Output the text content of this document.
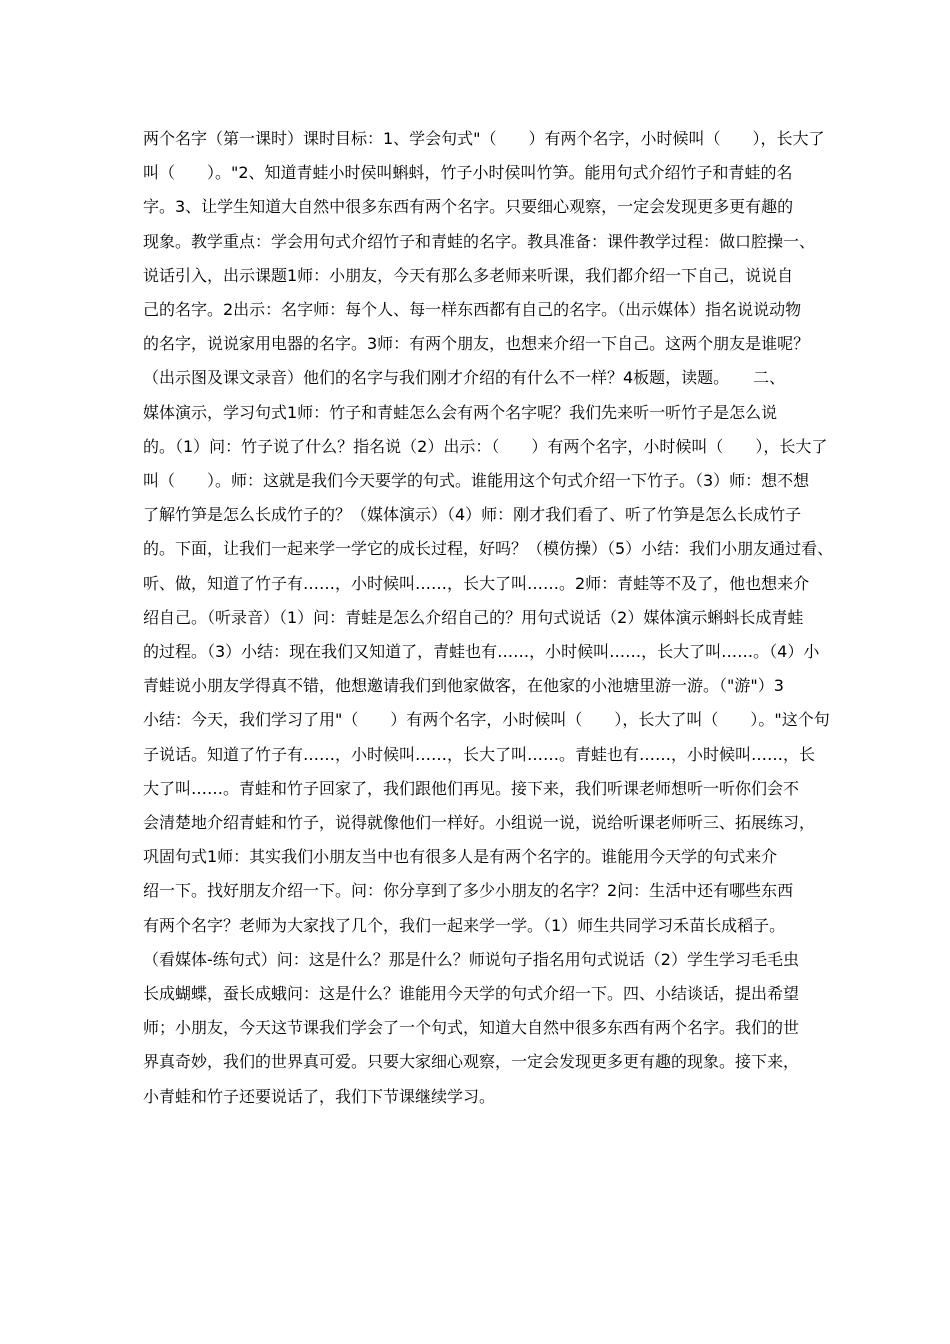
两个名字（第一课时）课时目标：1、学会句式"（　　）有两个名字，小时候叫（　　），长大了
叫（　　）。"2、知道青蛙小时侯叫蝌蚪，竹子小时侯叫竹笋。能用句式介绍竹子和青蛙的名
字。3、让学生知道大自然中很多东西有两个名字。只要细心观察，一定会发现更多更有趣的
现象。教学重点：学会用句式介绍竹子和青蛙的名字。教具准备：课件教学过程：做口腔操一、
说话引入，出示课题1师：小朋友，今天有那么多老师来听课，我们都介绍一下自己，说说自
己的名字。2出示：名字师：每个人、每一样东西都有自己的名字。（出示媒体）指名说说动物
的名字，说说家用电器的名字。3师：有两个朋友，也想来介绍一下自己。这两个朋友是谁呢？
（出示图及课文录音）他们的名字与我们刚才介绍的有什么不一样？4板题，读题。　　二、
媒体演示，学习句式1师：竹子和青蛙怎么会有两个名字呢？我们先来听一听竹子是怎么说
的。（1）问：竹子说了什么？指名说（2）出示：（　　）有两个名字，小时候叫（　　），长大了
叫（　　）。师：这就是我们今天要学的句式。谁能用这个句式介绍一下竹子。（3）师：想不想
了解竹笋是怎么长成竹子的？（媒体演示）（4）师：刚才我们看了、听了竹笋是怎么长成竹子
的。下面，让我们一起来学一学它的成长过程，好吗？（模仿操）（5）小结：我们小朋友通过看、
听、做，知道了竹子有……，小时候叫……，长大了叫……。2师：青蛙等不及了，他也想来介
绍自己。（听录音）（1）问：青蛙是怎么介绍自己的？用句式说话（2）媒体演示蝌蚪长成青蛙
的过程。（3）小结：现在我们又知道了，青蛙也有……，小时候叫……，长大了叫……。（4）小
青蛙说小朋友学得真不错，他想邀请我们到他家做客，在他家的小池塘里游一游。（"游"）3
小结：今天，我们学习了用"（　　）有两个名字，小时候叫（　　），长大了叫（　　）。"这个句
子说话。知道了竹子有……，小时候叫……，长大了叫……。青蛙也有……，小时候叫……，长
大了叫……。青蛙和竹子回家了，我们跟他们再见。接下来，我们听课老师想听一听你们会不
会清楚地介绍青蛙和竹子，说得就像他们一样好。小组说一说，说给听课老师听三、拓展练习，
巩固句式1师：其实我们小朋友当中也有很多人是有两个名字的。谁能用今天学的句式来介
绍一下。找好朋友介绍一下。问：你分享到了多少小朋友的名字？2问：生活中还有哪些东西
有两个名字？老师为大家找了几个，我们一起来学一学。（1）师生共同学习禾苗长成稻子。
（看媒体-练句式）问：这是什么？那是什么？师说句子指名用句式说话（2）学生学习毛毛虫
长成蝴蝶，蚕长成蛾问：这是什么？谁能用今天学的句式介绍一下。四、小结谈话，提出希望
师；小朋友，今天这节课我们学会了一个句式，知道大自然中很多东西有两个名字。我们的世
界真奇妙，我们的世界真可爱。只要大家细心观察，一定会发现更多更有趣的现象。接下来，
小青蛙和竹子还要说话了，我们下节课继续学习。
